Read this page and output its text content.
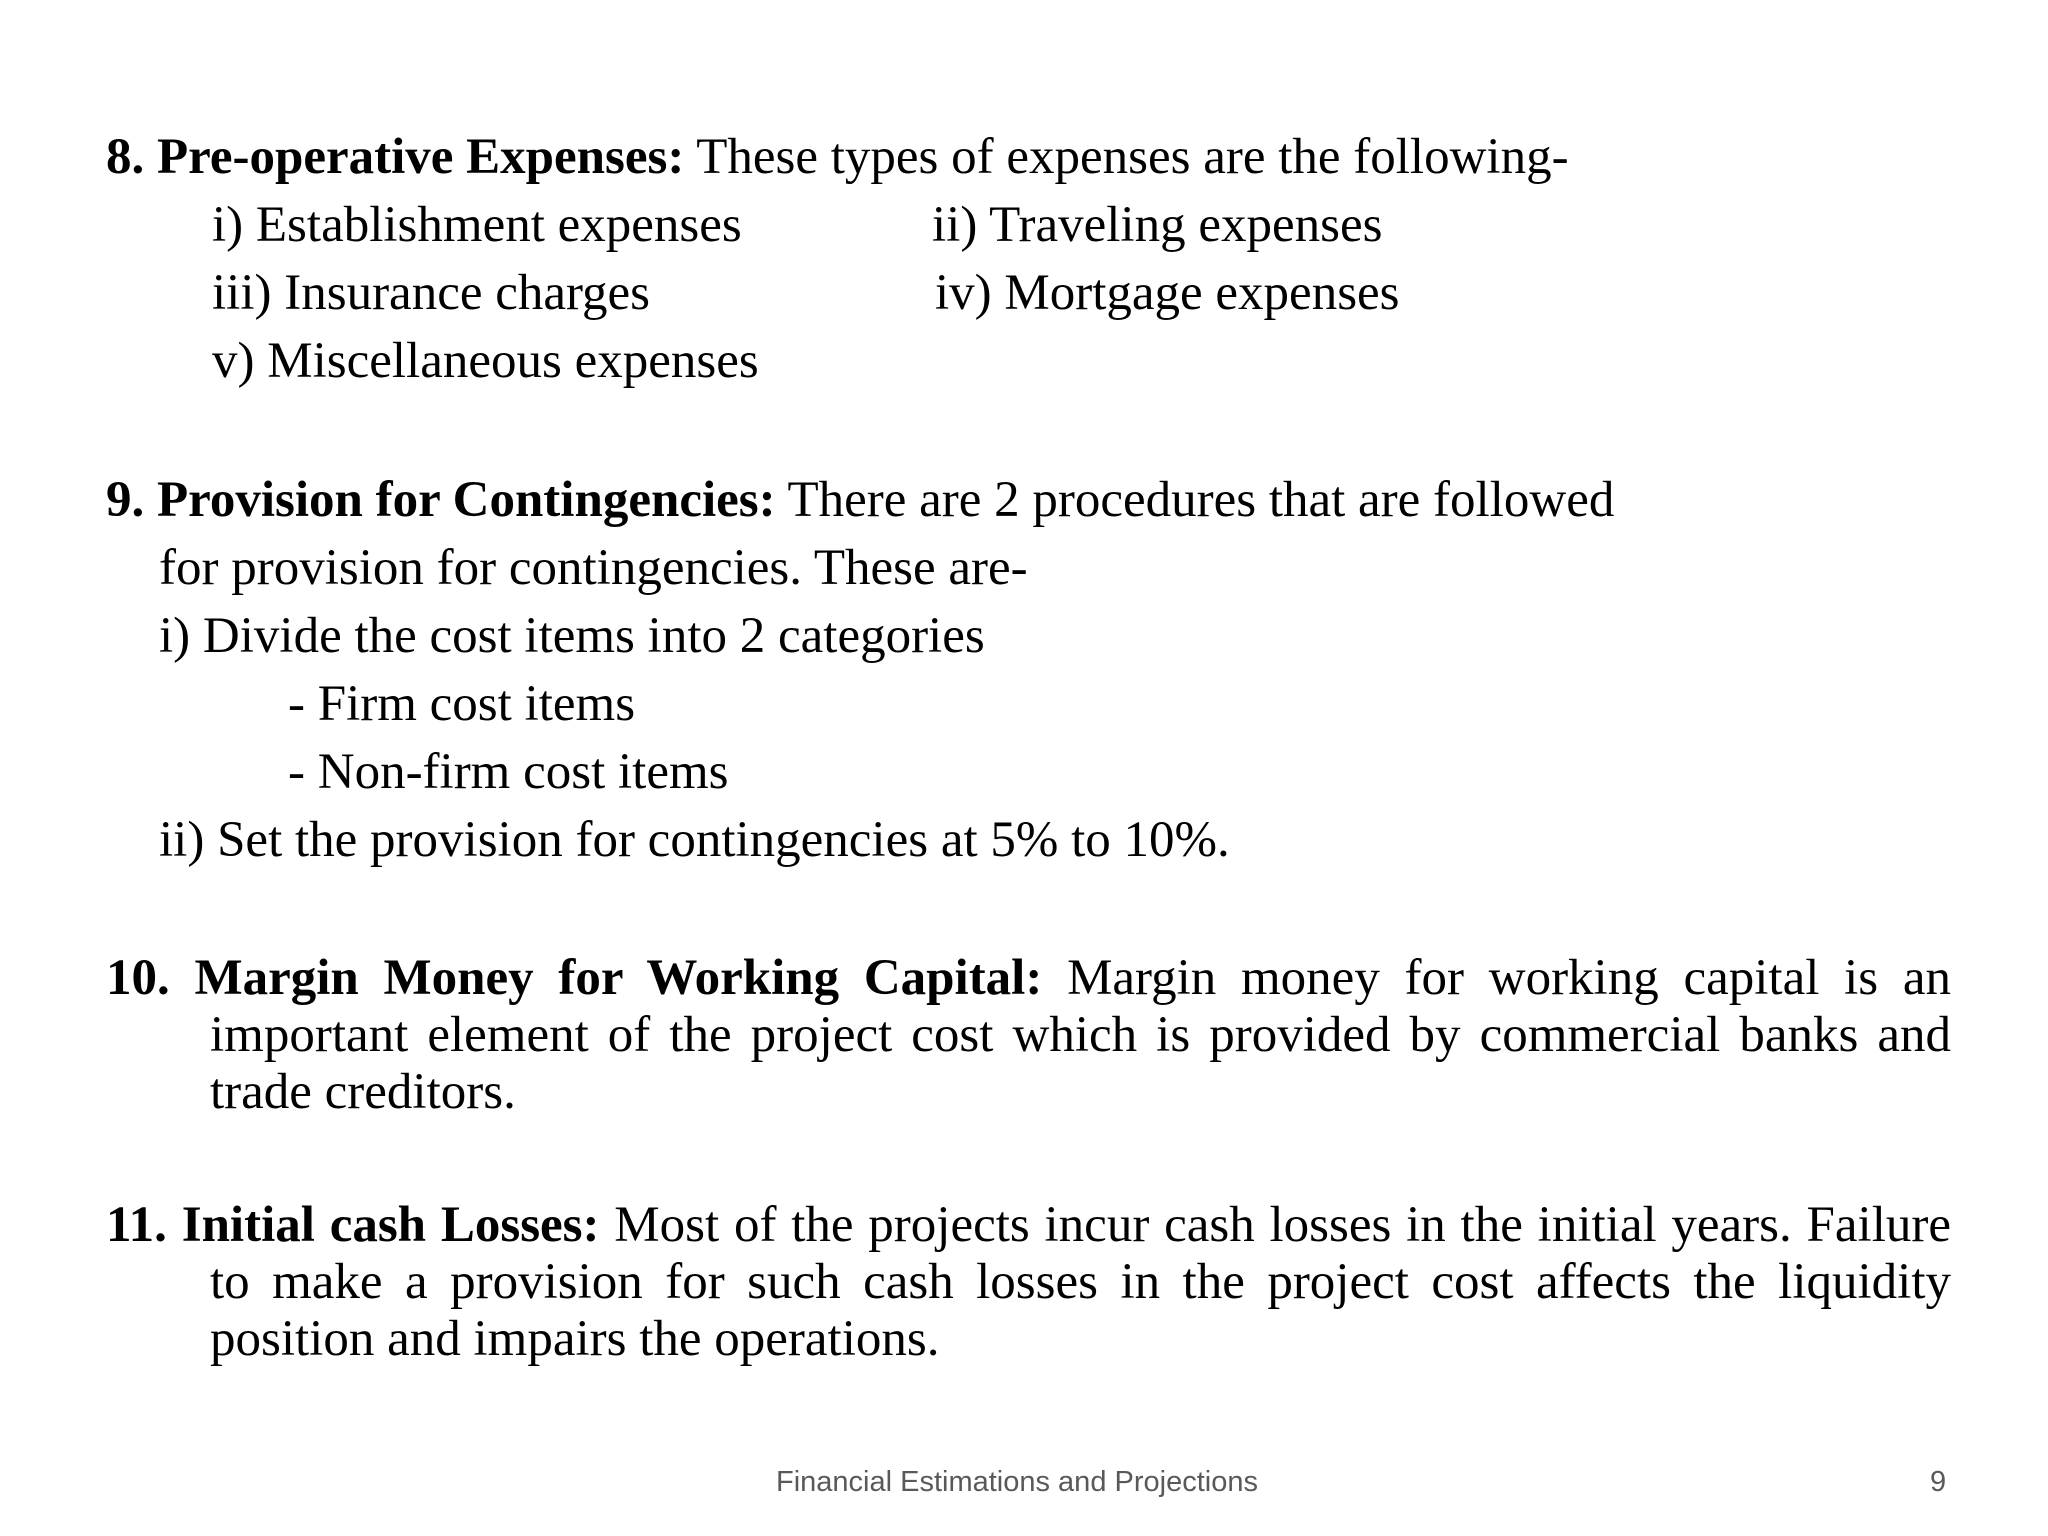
8. Pre-operative Expenses: These types of expenses are the following-
i) Establishment expenses	ii) Traveling expenses
iii) Insurance charges	iv) Mortgage expenses
v) Miscellaneous expenses
9. Provision for Contingencies: There are 2 procedures that are followed
for provision for contingencies. These are-
i) Divide the cost items into 2 categories
- Firm cost items
- Non-firm cost items
ii) Set the provision for contingencies at 5% to 10%.
10. Margin Money for Working Capital: Margin money for working capital is an important element of the project cost which is provided by commercial banks and trade creditors.
11. Initial cash Losses: Most of the projects incur cash losses in the initial years. Failure to make a provision for such cash losses in the project cost affects the liquidity position and impairs the operations.
Financial Estimations and Projections	9
